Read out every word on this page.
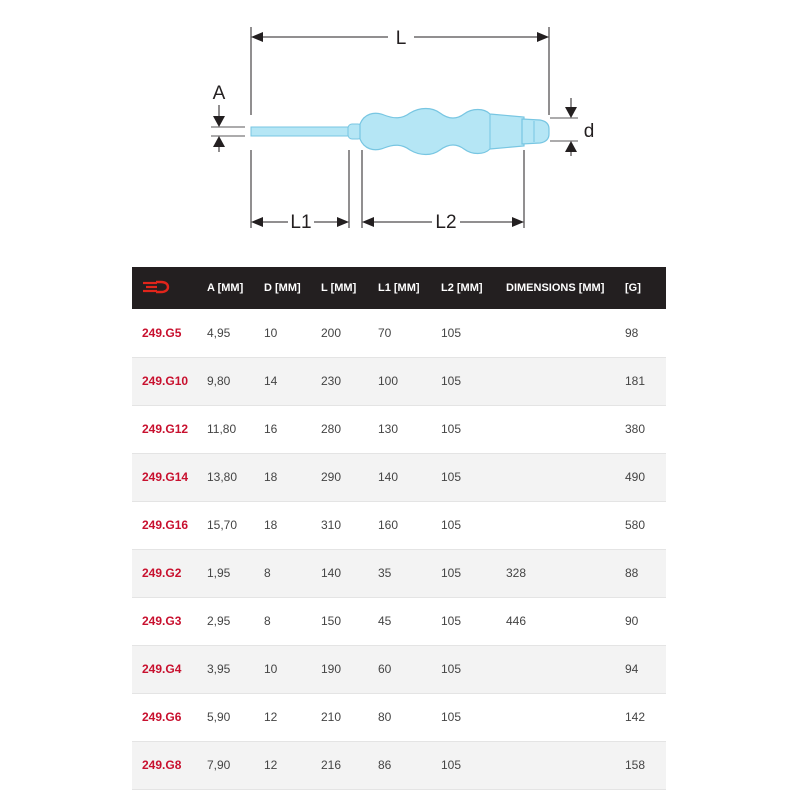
L
A
d
L1	L2
	A [MM]	D [MM]	L [MM]	L1 [MM]	L2 [MM]	DIMENSIONS [MM]	[G]
249.G5	4,95	10	200	70	105		98
249.G10	9,80	14	230	100	105		181
249.G12	11,80	16	280	130	105		380
249.G14	13,80	18	290	140	105		490
249.G16	15,70	18	310	160	105		580
249.G2	1,95	8	140	35	105	328	88
249.G3	2,95	8	150	45	105	446	90
249.G4	3,95	10	190	60	105		94
249.G6	5,90	12	210	80	105		142
249.G8	7,90	12	216	86	105		158
